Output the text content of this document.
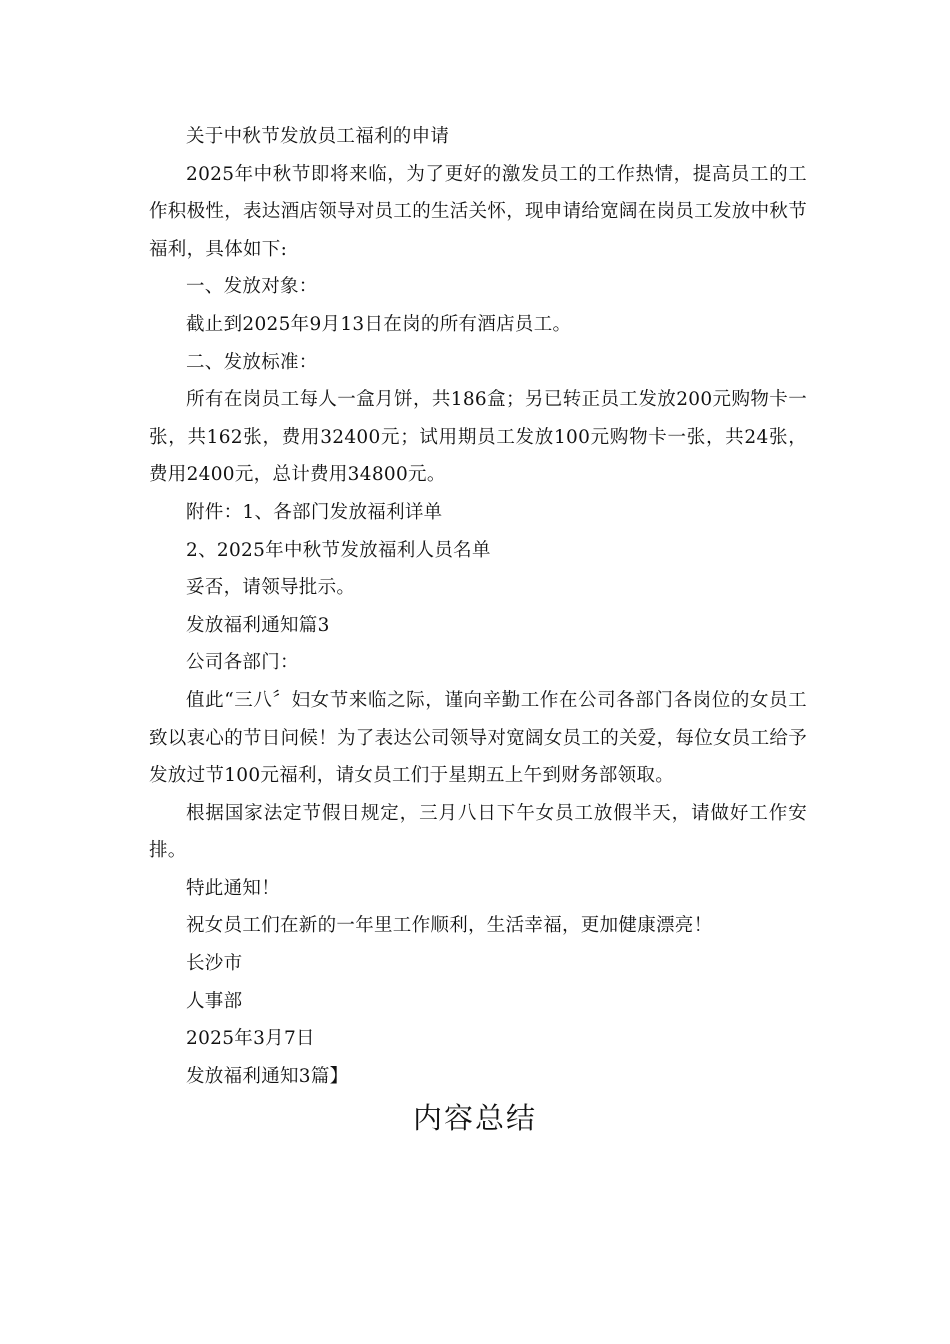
关于中秋节发放员工福利的申请

2025年中秋节即将来临，为了更好的激发员工的工作热情，提高员工的工作积极性，表达酒店领导对员工的生活关怀，现申请给宽阔在岗员工发放中秋节福利，具体如下:

一、发放对象：

截止到2025年9月13日在岗的所有酒店员工。

二、发放标准：

所有在岗员工每人一盒月饼，共186盒；另已转正员工发放200元购物卡一张，共162张，费用32400元；试用期员工发放100元购物卡一张，共24张，费用2400元，总计费用34800元。

附件：1、各部门发放福利详单

2、2025年中秋节发放福利人员名单

妥否，请领导批示。

发放福利通知篇3

公司各部门：

值此“三八〞妇女节来临之际，谨向辛勤工作在公司各部门各岗位的女员工致以衷心的节日问候！为了表达公司领导对宽阔女员工的关爱，每位女员工给予发放过节100元福利，请女员工们于星期五上午到财务部领取。

根据国家法定节假日规定，三月八日下午女员工放假半天，请做好工作安排。

特此通知！

祝女员工们在新的一年里工作顺利，生活幸福，更加健康漂亮！

长沙市

人事部

2025年3月7日

发放福利通知3篇】

内容总结
